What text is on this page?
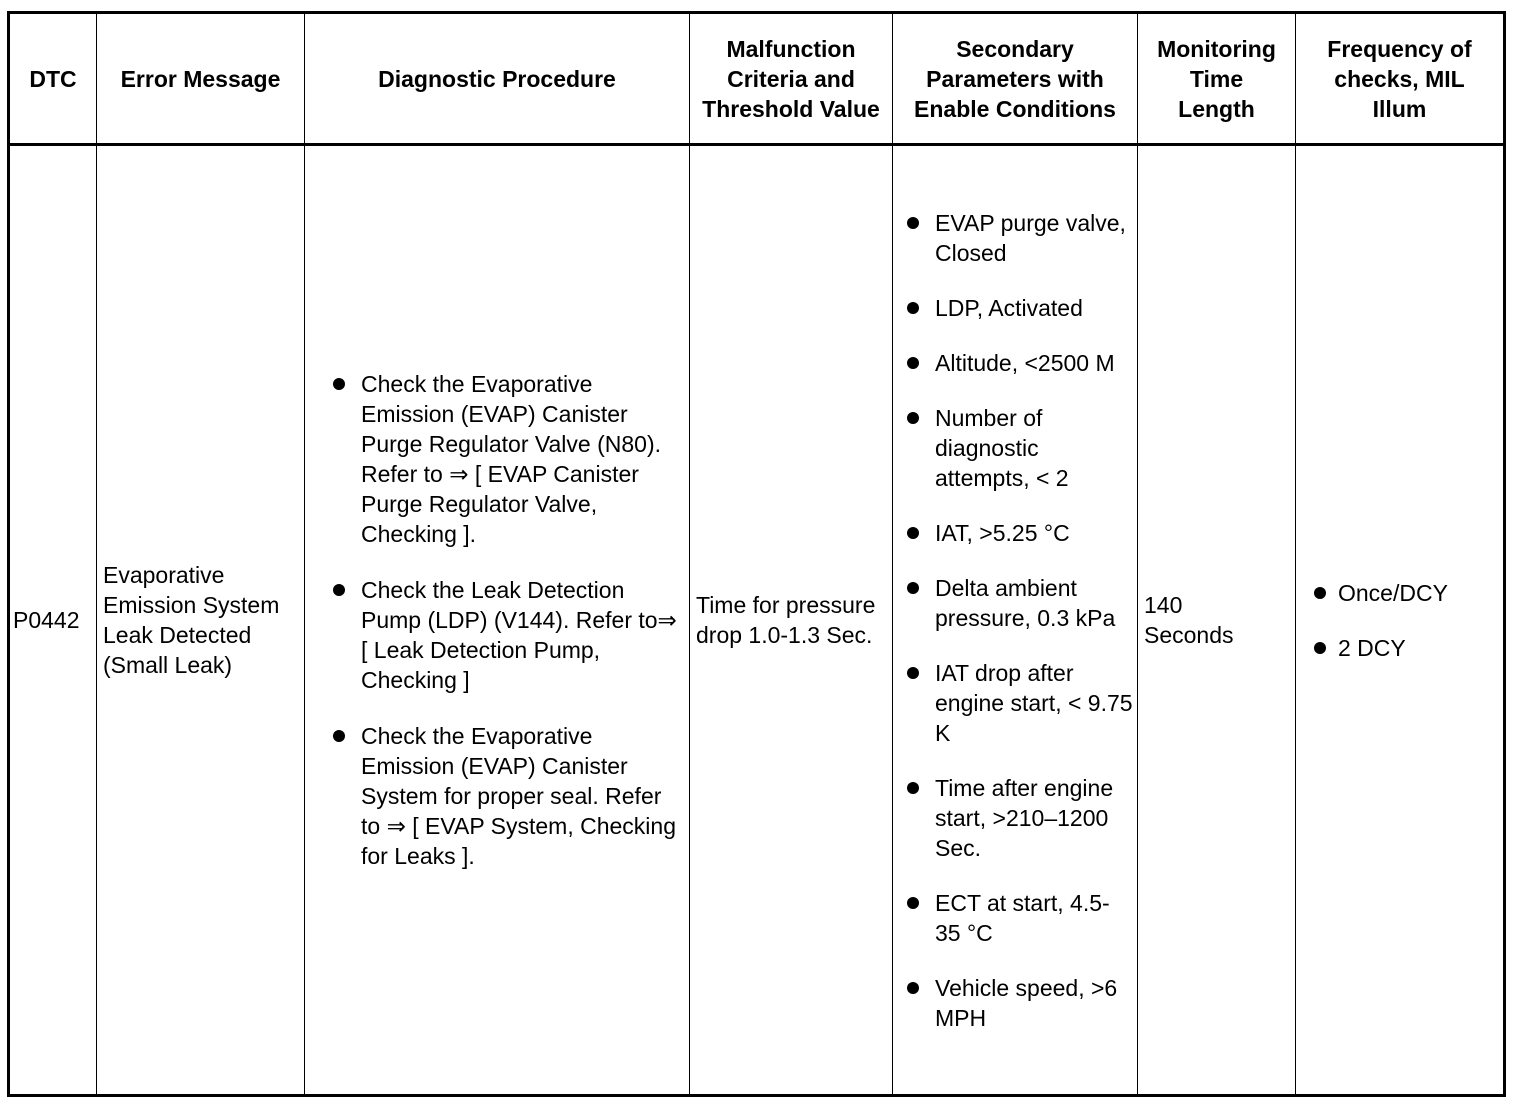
DTC Error Message	Diagnostic Procedure
Malfunction Criteria and Threshold Value
Secondary Parameters with Enable Conditions
Monitoring Time Length
Frequency of checks, MIL Illum

P0442

Evaporative Emission System Leak Detected (Small Leak)

Check the Evaporative Emission (EVAP) Canister Purge Regulator Valve (N80). Refer to ⇒ [ EVAP Canister Purge Regulator Valve, Checking ].
Check the Leak Detection Pump (LDP) (V144). Refer to⇒ [ Leak Detection Pump, Checking ]
Check the Evaporative Emission (EVAP) Canister System for proper seal. Refer to ⇒ [ EVAP System, Checking for Leaks ].

Time for pressure drop 1.0-1.3 Sec.

EVAP purge valve, Closed
LDP, Activated
Altitude, <2500 M
Number of diagnostic attempts, < 2
IAT, >5.25 °C
Delta ambient pressure, 0.3 kPa
IAT drop after engine start, < 9.75 K
Time after engine start, >210–1200 Sec.
ECT at start, 4.5-35 °C
Vehicle speed, >6 MPH

140 Seconds

Once/DCY
2 DCY
